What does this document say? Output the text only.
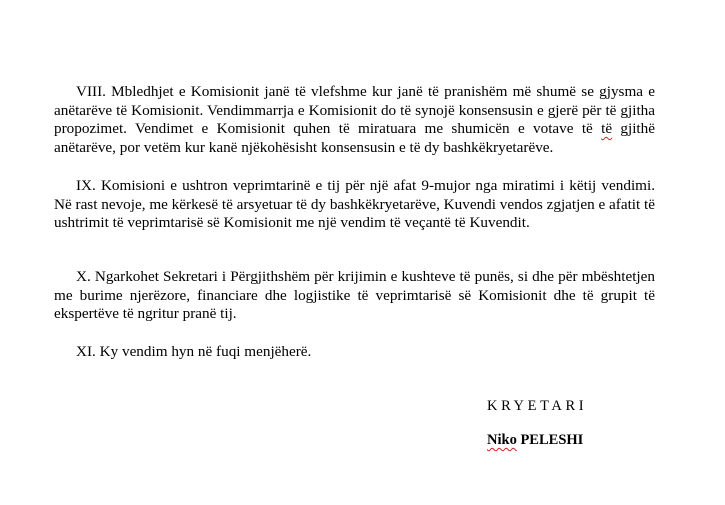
VIII. Mbledhjet e Komisionit janë të vlefshme kur janë të pranishëm më shumë se gjysma e anëtarëve të Komisionit. Vendimmarrja e Komisionit do të synojë konsensusin e gjerë për të gjitha propozimet. Vendimet e Komisionit quhen të miratuara me shumicën e votave të të gjithë anëtarëve, por vetëm kur kanë njëkohësisht konsensusin e të dy bashkëkryetarëve.

IX. Komisioni e ushtron veprimtarinë e tij për një afat 9-mujor nga miratimi i këtij vendimi. Në rast nevoje, me kërkesë të arsyetuar të dy bashkëkryetarëve, Kuvendi vendos zgjatjen e afatit të ushtrimit të veprimtarisë së Komisionit me një vendim të veçantë të Kuvendit.

X. Ngarkohet Sekretari i Përgjithshëm për krijimin e kushteve të punës, si dhe për mbështetjen me burime njerëzore, financiare dhe logjistike të veprimtarisë së Komisionit dhe të grupit të ekspertëve të ngritur pranë tij.

XI. Ky vendim hyn në fuqi menjëherë.

KRYETARI
Niko PELESHI
